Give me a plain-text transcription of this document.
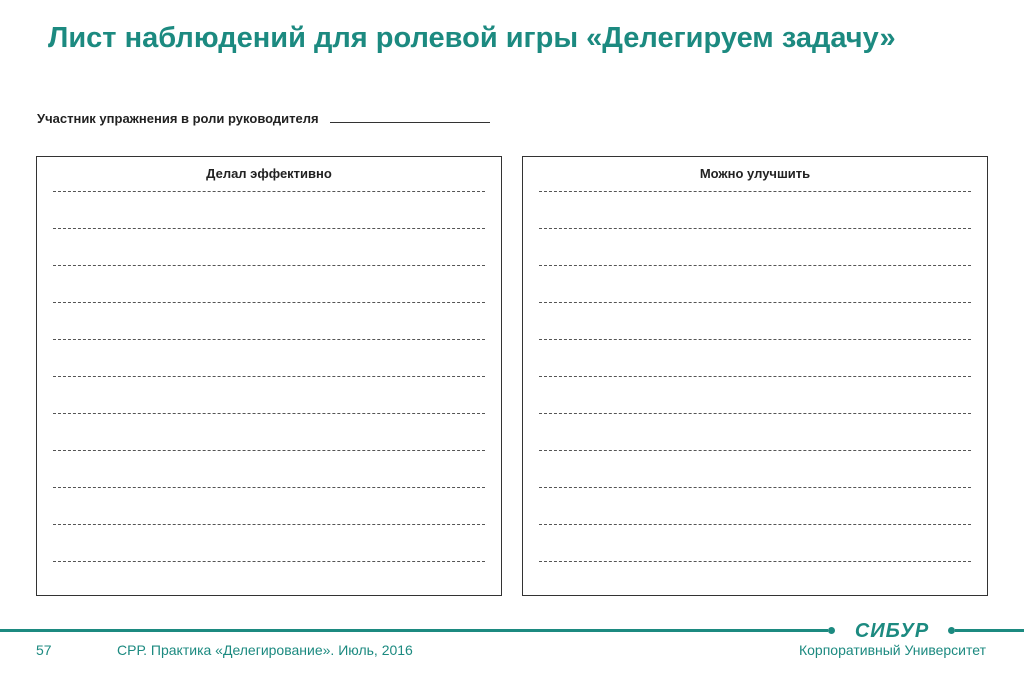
Лист наблюдений для ролевой игры «Делегируем задачу»
Участник упражнения в роли руководителя
Делал эффективно	Можно улучшить
СИБУР
57	СРР. Практика «Делегирование». Июль, 2016	Корпоративный Университет
